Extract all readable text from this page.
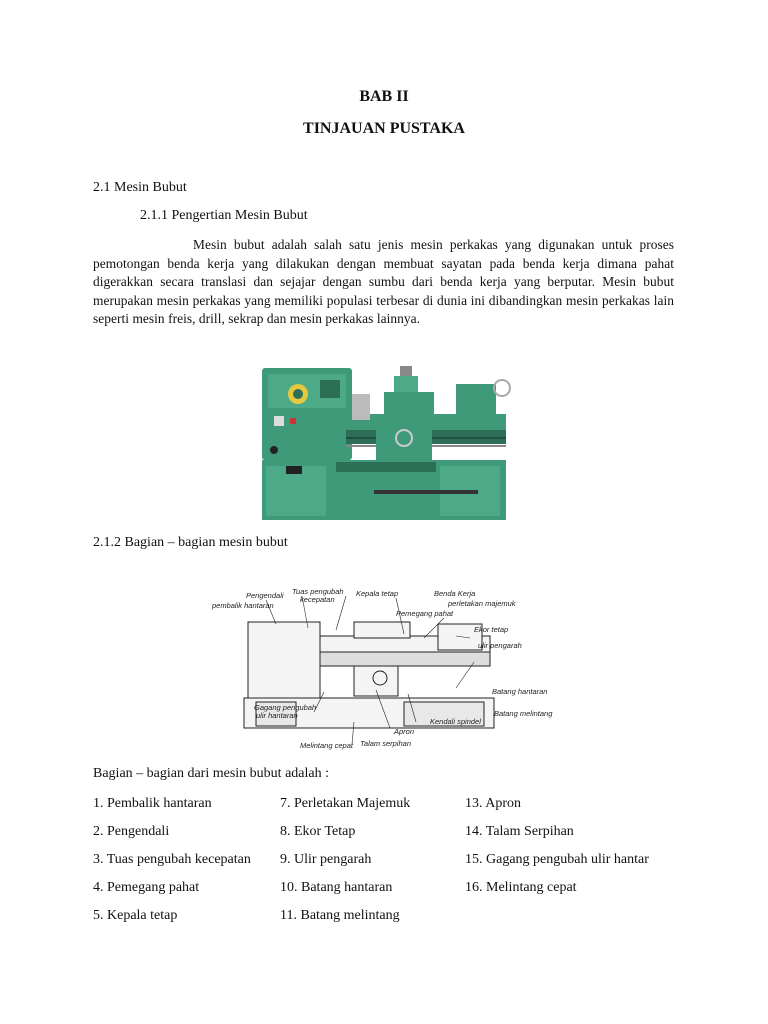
BAB II
TINJAUAN PUSTAKA
2.1 Mesin Bubut
2.1.1 Pengertian Mesin Bubut
Mesin bubut adalah salah satu jenis mesin perkakas yang digunakan untuk proses pemotongan benda kerja yang dilakukan dengan membuat sayatan pada benda kerja dimana pahat digerakkan secara translasi dan sejajar dengan sumbu dari benda kerja yang berputar. Mesin bubut merupakan mesin perkakas yang memiliki populasi terbesar di dunia ini dibandingkan mesin perkakas lain seperti mesin freis, drill, sekrap dan mesin perkakas lainnya.
2.1.2 Bagian – bagian mesin bubut
Pengendali
pembalik hantaran
Tuas pengubah
kecepatan
Kepala tetap	Benda Kerja
perletakan majemuk
Pemegang pahat
Ekor tetap
ulir pengarah
Batang hantaran
Batang melintang
Kendali spindel
Gagang pengubah
ulir hantaran
Apron
Talam serpihan
Melintang cepat
Bagian – bagian dari mesin bubut adalah :
1. Pembalik hantaran
2. Pengendali
3. Tuas pengubah kecepatan
4. Pemegang pahat
5. Kepala tetap
7. Perletakan Majemuk
8. Ekor Tetap
9. Ulir pengarah
10. Batang hantaran
11. Batang melintang
13. Apron
14. Talam Serpihan
15. Gagang pengubah ulir hantar
16. Melintang cepat
